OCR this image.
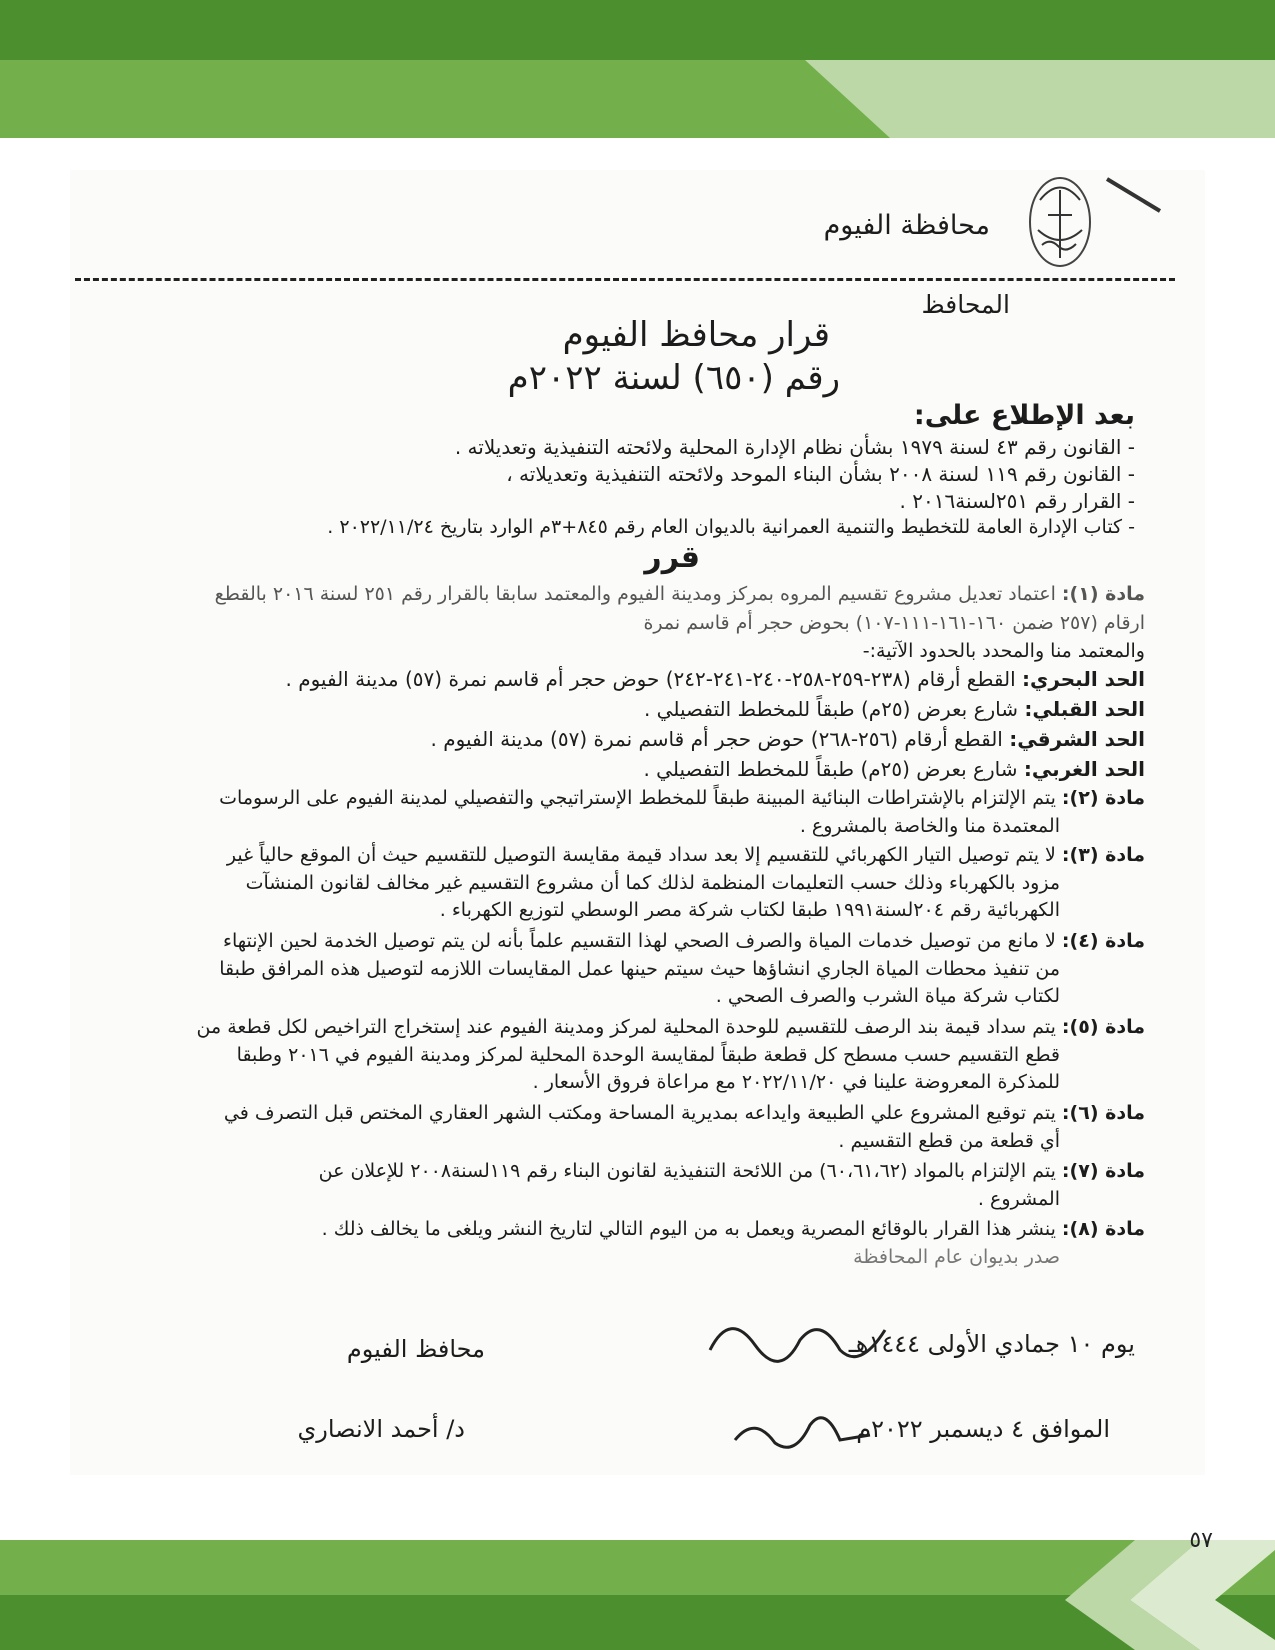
محافظة الفيوم
المحافظ
قرار محافظ الفيوم
رقم (٦٥٠) لسنة ٢٠٢٢م
بعد الإطلاع على:
- القانون رقم ٤٣ لسنة ١٩٧٩ بشأن نظام الإدارة المحلية ولائحته التنفيذية وتعديلاته .
- القانون رقم ١١٩ لسنة ٢٠٠٨ بشأن البناء الموحد ولائحته التنفيذية وتعديلاته ،
- القرار رقم ٢٥١لسنة٢٠١٦ .
- كتاب الإدارة العامة للتخطيط والتنمية العمرانية بالديوان العام رقم ٨٤٥+٣م الوارد بتاريخ ٢٠٢٢/١١/٢٤ .
قرر
مادة (١): اعتماد تعديل مشروع تقسيم المروه بمركز ومدينة الفيوم والمعتمد سابقا بالقرار رقم ٢٥١ لسنة ٢٠١٦ بالقطع
ارقام (٢٥٧ ضمن ١٦٠-١٦١-١١١-١٠٧) بحوض حجر أم قاسم نمرة
والمعتمد منا والمحدد بالحدود الآتية:-
الحد البحري: القطع أرقام (٢٣٨-٢٥٩-٢٥٨-٢٤٠-٢٤١-٢٤٢) حوض حجر أم قاسم نمرة (٥٧) مدينة الفيوم .
الحد القبلي: شارع بعرض (٢٥م) طبقاً للمخطط التفصيلي .
الحد الشرقي: القطع أرقام (٢٥٦-٢٦٨) حوض حجر أم قاسم نمرة (٥٧) مدينة الفيوم .
الحد الغربي: شارع بعرض (٢٥م) طبقاً للمخطط التفصيلي .
مادة (٢): يتم الإلتزام بالإشتراطات البنائية المبينة طبقاً للمخطط الإستراتيجي والتفصيلي لمدينة الفيوم على الرسومات
المعتمدة منا والخاصة بالمشروع .
مادة (٣): لا يتم توصيل التيار الكهربائي للتقسيم إلا بعد سداد قيمة مقايسة التوصيل للتقسيم حيث أن الموقع حالياً غير
مزود بالكهرباء وذلك حسب التعليمات المنظمة لذلك كما أن مشروع التقسيم غير مخالف لقانون المنشآت
الكهربائية رقم ٢٠٤لسنة١٩٩١ طبقا لكتاب شركة مصر الوسطي لتوزيع الكهرباء .
مادة (٤): لا مانع من توصيل خدمات المياة والصرف الصحي لهذا التقسيم علماً بأنه لن يتم توصيل الخدمة لحين الإنتهاء
من تنفيذ محطات المياة الجاري انشاؤها حيث سيتم حينها عمل المقايسات اللازمه لتوصيل هذه المرافق طبقا
لكتاب شركة مياة الشرب والصرف الصحي .
مادة (٥): يتم سداد قيمة بند الرصف للتقسيم للوحدة المحلية لمركز ومدينة الفيوم عند إستخراج التراخيص لكل قطعة من
قطع التقسيم حسب مسطح كل قطعة طبقاً لمقايسة الوحدة المحلية لمركز ومدينة الفيوم في ٢٠١٦ وطبقا
للمذكرة المعروضة علينا في ٢٠٢٢/١١/٢٠ مع مراعاة فروق الأسعار .
مادة (٦): يتم توقيع المشروع علي الطبيعة وايداعه بمديرية المساحة ومكتب الشهر العقاري المختص قبل التصرف في
أي قطعة من قطع التقسيم .
مادة (٧): يتم الإلتزام بالمواد (٦٠،٦١،٦٢) من اللائحة التنفيذية لقانون البناء رقم ١١٩لسنة٢٠٠٨ للإعلان عن
المشروع .
مادة (٨): ينشر هذا القرار بالوقائع المصرية ويعمل به من اليوم التالي لتاريخ النشر ويلغى ما يخالف ذلك .
صدر بديوان عام المحافظة
يوم ١٠ جمادي الأولى ١٤٤٤هـ
محافظ الفيوم
الموافق ٤ ديسمبر ٢٠٢٢م
د/ أحمد الانصاري
٥٧
